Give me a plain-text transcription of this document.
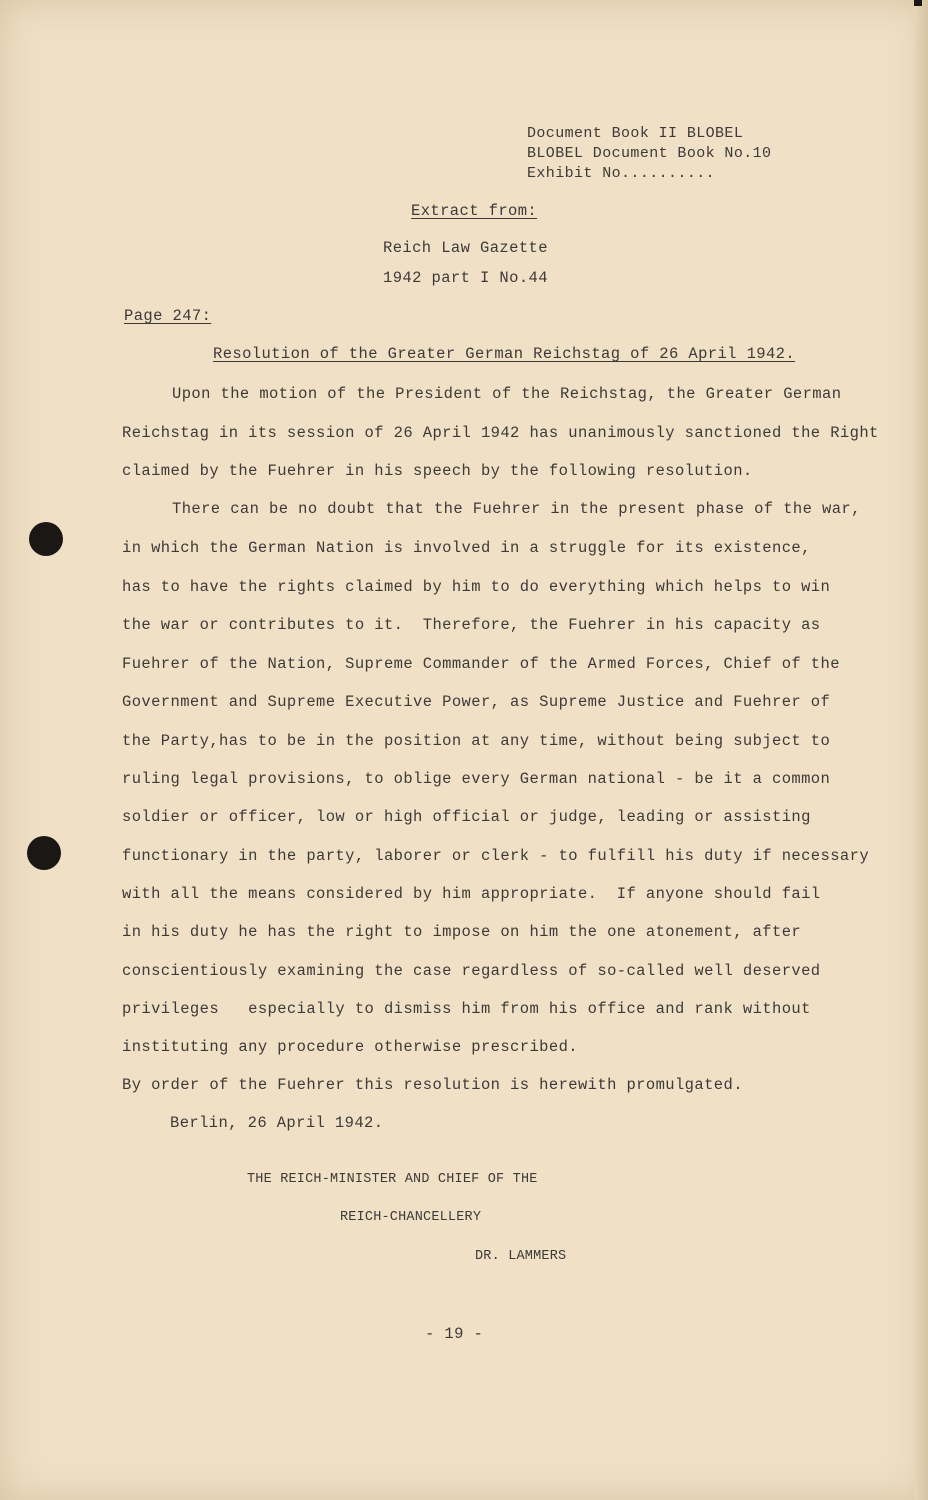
Document Book II BLOBEL

BLOBEL Document Book No.10

Exhibit No..........

Extract from:

Reich Law Gazette

1942 part I No.44

Page 247:

Resolution of the Greater German Reichstag of 26 April 1942.

Upon the motion of the President of the Reichstag, the Greater German

Reichstag in its session of 26 April 1942 has unanimously sanctioned the Right

claimed by the Fuehrer in his speech by the following resolution.

There can be no doubt that the Fuehrer in the present phase of the war,

in which the German Nation is involved in a struggle for its existence,

has to have the rights claimed by him to do everything which helps to win

the war or contributes to it.  Therefore, the Fuehrer in his capacity as

Fuehrer of the Nation, Supreme Commander of the Armed Forces, Chief of the

Government and Supreme Executive Power, as Supreme Justice and Fuehrer of

the Party,has to be in the position at any time, without being subject to

ruling legal provisions, to oblige every German national - be it a common

soldier or officer, low or high official or judge, leading or assisting

functionary in the party, laborer or clerk - to fulfill his duty if necessary

with all the means considered by him appropriate.  If anyone should fail

in his duty he has the right to impose on him the one atonement, after

conscientiously examining the case regardless of so-called well deserved

privileges   especially to dismiss him from his office and rank without

instituting any procedure otherwise prescribed.

By order of the Fuehrer this resolution is herewith promulgated.

Berlin, 26 April 1942.

THE REICH-MINISTER AND CHIEF OF THE

REICH-CHANCELLERY

DR. LAMMERS

- 19 -
